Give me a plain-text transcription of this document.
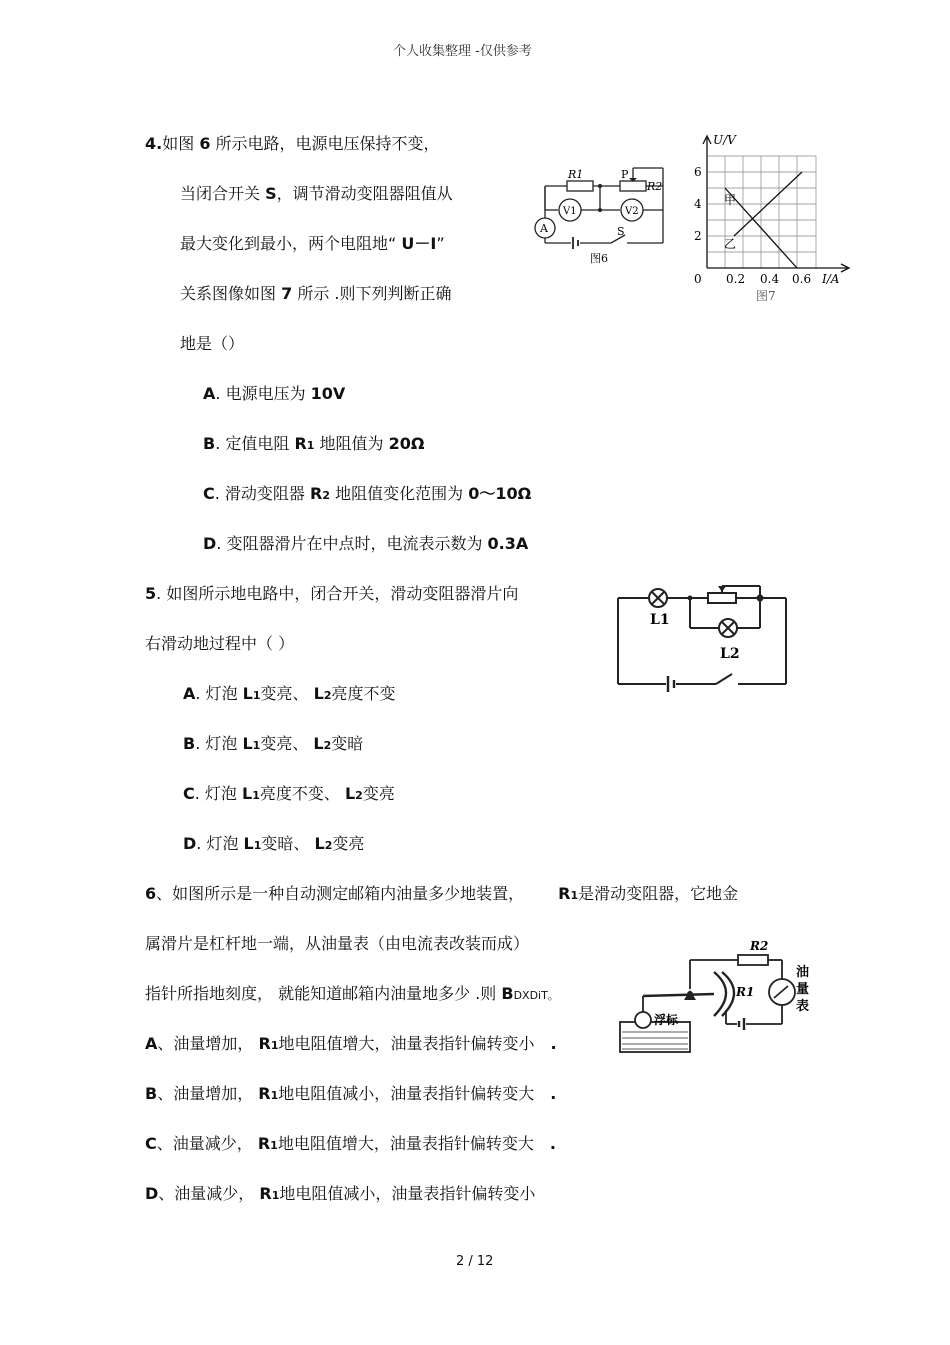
个人收集整理 -仅供参考
4.如图 6 所示电路，电源电压保持不变，
当闭合开关 S，调节滑动变阻器阻值从
最大变化到最小，两个电阻地“ U－I”
关系图像如图 7 所示 .则下列判断正确
地是（）
A. 电源电压为 10V
B. 定值电阻 R1 地阻值为 20Ω
C. 滑动变阻器 R2 地阻值变化范围为 0～10Ω
D. 变阻器滑片在中点时，电流表示数为 0.3A
R1	P
R2
A
V1	V2
S
图6
U/V
6
4
2
0 0.2 0.4 0.6 I/A
甲
乙
图7
5. 如图所示地电路中，闭合开关，滑动变阻器滑片向
右滑动地过程中（ ）
A. 灯泡 L1变亮、 L2亮度不变
B. 灯泡 L1变亮、 L2变暗
C. 灯泡 L1亮度不变、 L2变亮
D. 灯泡 L1变暗、 L2变亮
L1
L2
6、如图所示是一种自动测定邮箱内油量多少地装置， R1是滑动变阻器，它地金
属滑片是杠杆地一端，从油量表（由电流表改装而成）
指针所指地刻度， 就能知道邮箱内油量地多少 .则 BDXDiT。
A、油量增加， R1地电阻值增大，油量表指针偏转变小 .
B、油量增加， R1地电阻值减小，油量表指针偏转变大 .
C、油量减少， R1地电阻值增大，油量表指针偏转变大 .
D、油量减少， R1地电阻值减小，油量表指针偏转变小
R2
R1
浮标
油
量
表
2 / 12
